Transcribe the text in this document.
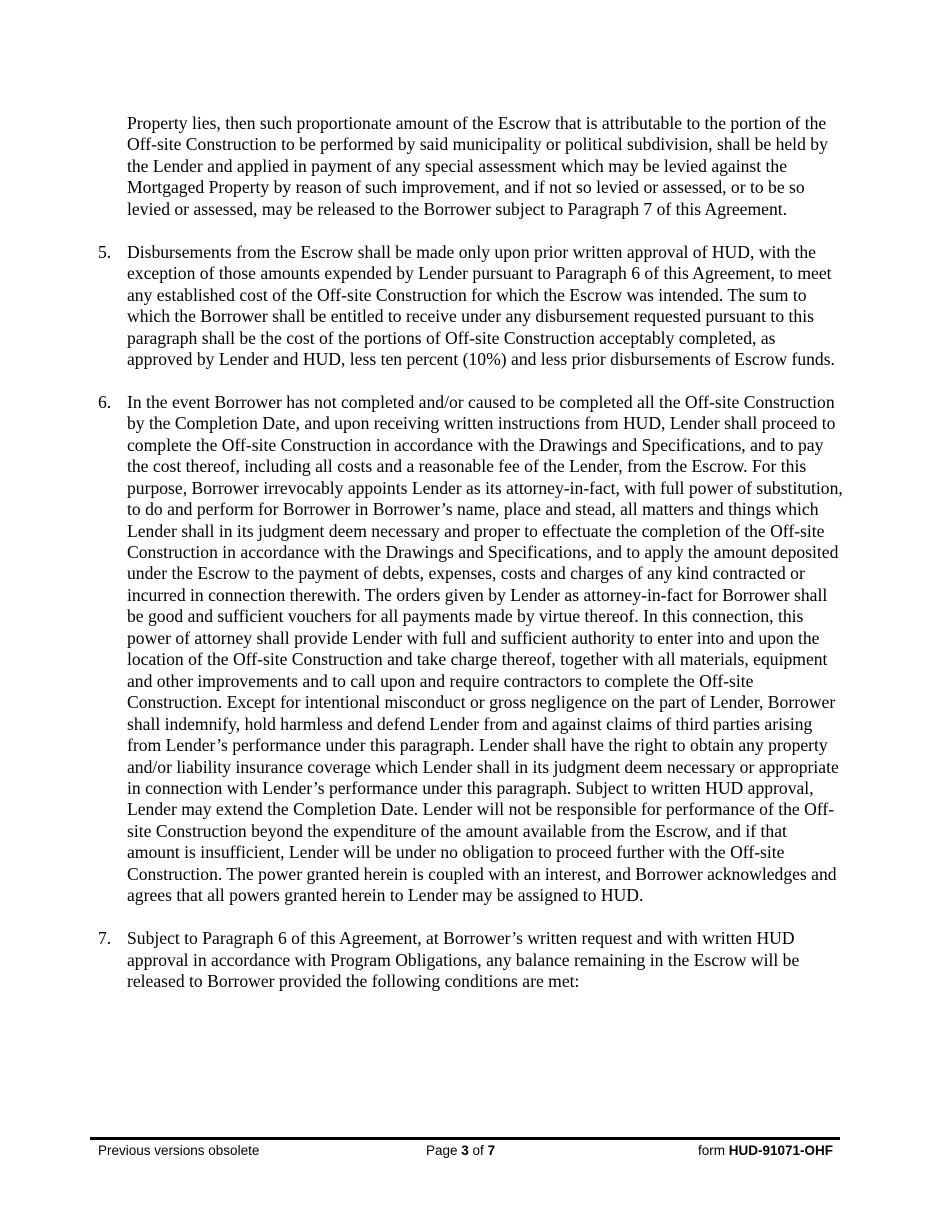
Property lies, then such proportionate amount of the Escrow that is attributable to the portion of the Off-site Construction to be performed by said municipality or political subdivision, shall be held by the Lender and applied in payment of any special assessment which may be levied against the Mortgaged Property by reason of such improvement, and if not so levied or assessed, or to be so levied or assessed, may be released to the Borrower subject to Paragraph 7 of this Agreement.

5. Disbursements from the Escrow shall be made only upon prior written approval of HUD, with the exception of those amounts expended by Lender pursuant to Paragraph 6 of this Agreement, to meet any established cost of the Off-site Construction for which the Escrow was intended. The sum to which the Borrower shall be entitled to receive under any disbursement requested pursuant to this paragraph shall be the cost of the portions of Off-site Construction acceptably completed, as approved by Lender and HUD, less ten percent (10%) and less prior disbursements of Escrow funds.

6. In the event Borrower has not completed and/or caused to be completed all the Off-site Construction by the Completion Date, and upon receiving written instructions from HUD, Lender shall proceed to complete the Off-site Construction in accordance with the Drawings and Specifications, and to pay the cost thereof, including all costs and a reasonable fee of the Lender, from the Escrow. For this purpose, Borrower irrevocably appoints Lender as its attorney-in-fact, with full power of substitution, to do and perform for Borrower in Borrower’s name, place and stead, all matters and things which Lender shall in its judgment deem necessary and proper to effectuate the completion of the Off-site Construction in accordance with the Drawings and Specifications, and to apply the amount deposited under the Escrow to the payment of debts, expenses, costs and charges of any kind contracted or incurred in connection therewith. The orders given by Lender as attorney-in-fact for Borrower shall be good and sufficient vouchers for all payments made by virtue thereof. In this connection, this power of attorney shall provide Lender with full and sufficient authority to enter into and upon the location of the Off-site Construction and take charge thereof, together with all materials, equipment and other improvements and to call upon and require contractors to complete the Off-site Construction. Except for intentional misconduct or gross negligence on the part of Lender, Borrower shall indemnify, hold harmless and defend Lender from and against claims of third parties arising from Lender’s performance under this paragraph. Lender shall have the right to obtain any property and/or liability insurance coverage which Lender shall in its judgment deem necessary or appropriate in connection with Lender’s performance under this paragraph. Subject to written HUD approval, Lender may extend the Completion Date. Lender will not be responsible for performance of the Off-site Construction beyond the expenditure of the amount available from the Escrow, and if that amount is insufficient, Lender will be under no obligation to proceed further with the Off-site Construction. The power granted herein is coupled with an interest, and Borrower acknowledges and agrees that all powers granted herein to Lender may be assigned to HUD.

7. Subject to Paragraph 6 of this Agreement, at Borrower’s written request and with written HUD approval in accordance with Program Obligations, any balance remaining in the Escrow will be released to Borrower provided the following conditions are met:

Previous versions obsolete	Page 3 of 7	form HUD-91071-OHF
